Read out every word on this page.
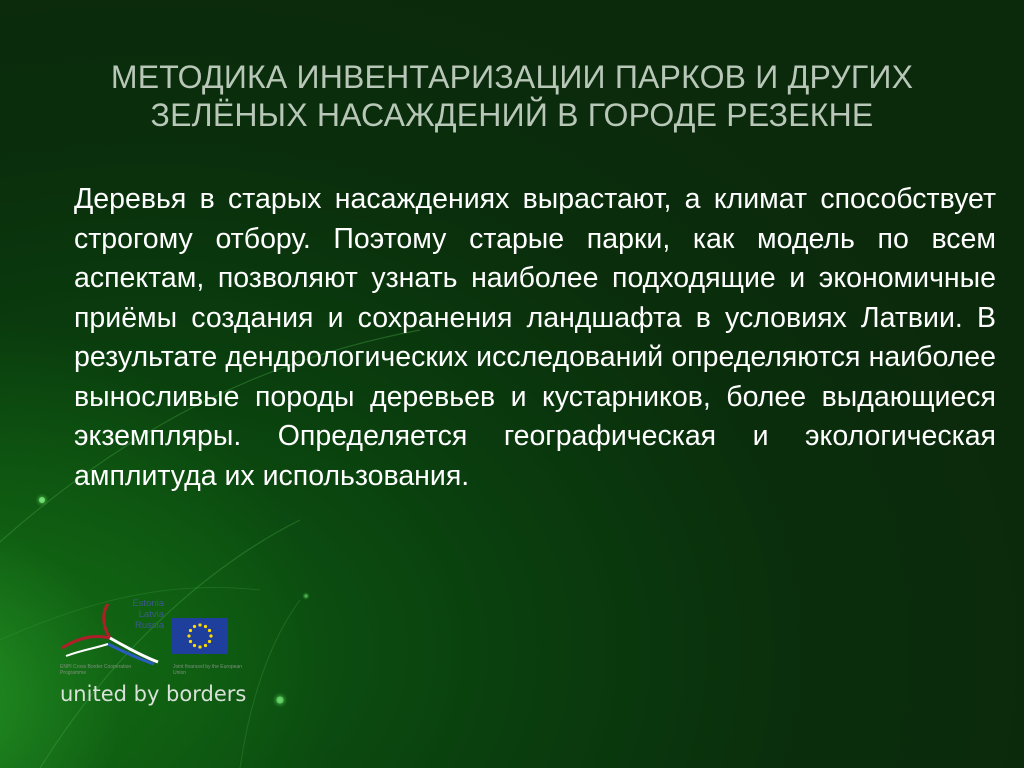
МЕТОДИКА ИНВЕНТАРИЗАЦИИ ПАРКОВ И ДРУГИХ ЗЕЛЁНЫХ НАСАЖДЕНИЙ В ГОРОДЕ РЕЗЕКНЕ
Деревья в старых насаждениях вырастают, а климат способствует строгому отбору. Поэтому старые парки, как модель по всем аспектам, позволяют узнать наиболее подходящие и экономичные приёмы создания и сохранения ландшафта в условиях Латвии. В результате дендрологических исследований определяются наиболее выносливые породы деревьев и кустарников, более выдающиеся экземпляры. Определяется географическая и экологическая амплитуда их использования.
Estonia
Latvia
Russia
ENPI Cross Border Cooperation Programme
Joint financed by the European Union
united by borders
